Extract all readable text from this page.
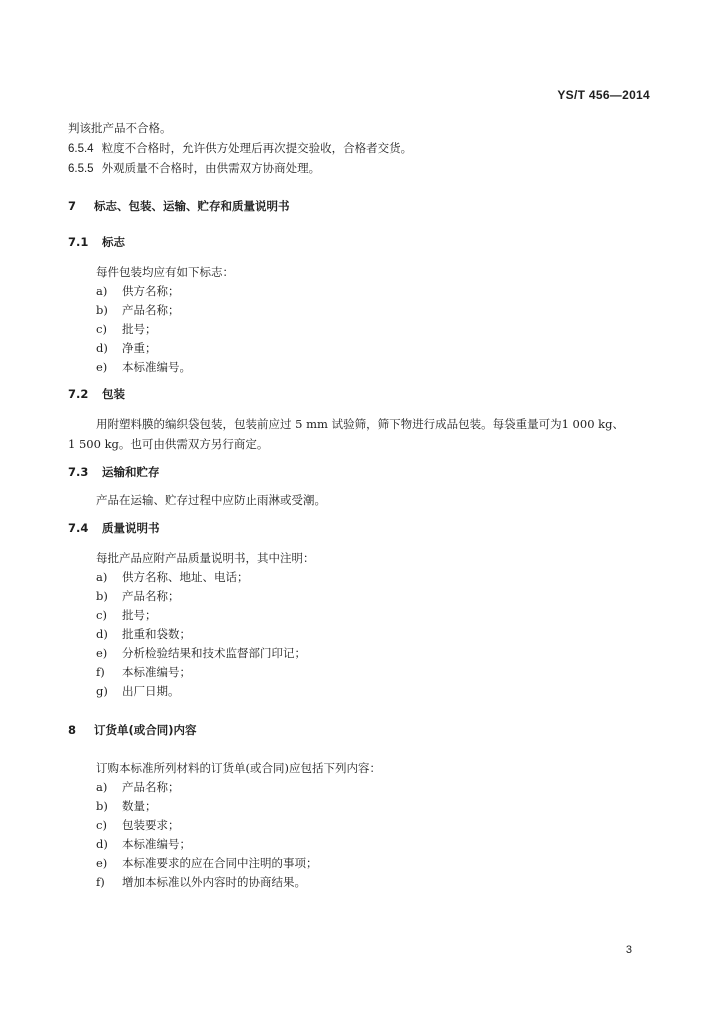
YS/T 456—2014
判该批产品不合格。
6.5.4 粒度不合格时，允许供方处理后再次提交验收，合格者交货。
6.5.5 外观质量不合格时，由供需双方协商处理。
7 标志、包装、运输、贮存和质量说明书
7.1 标志
每件包装均应有如下标志：
a) 供方名称；
b) 产品名称；
c) 批号；
d) 净重；
e) 本标准编号。
7.2 包装
用附塑料膜的编织袋包装，包装前应过 5 mm 试验筛，筛下物进行成品包装。每袋重量可为1 000 kg、
1 500 kg。也可由供需双方另行商定。
7.3 运输和贮存
产品在运输、贮存过程中应防止雨淋或受潮。
7.4 质量说明书
每批产品应附产品质量说明书，其中注明：
a) 供方名称、地址、电话；
b) 产品名称；
c) 批号；
d) 批重和袋数；
e) 分析检验结果和技术监督部门印记；
f) 本标准编号；
g) 出厂日期。
8 订货单(或合同)内容
订购本标准所列材料的订货单(或合同)应包括下列内容：
a) 产品名称；
b) 数量；
c) 包装要求；
d) 本标准编号；
e) 本标准要求的应在合同中注明的事项；
f) 增加本标准以外内容时的协商结果。
3
